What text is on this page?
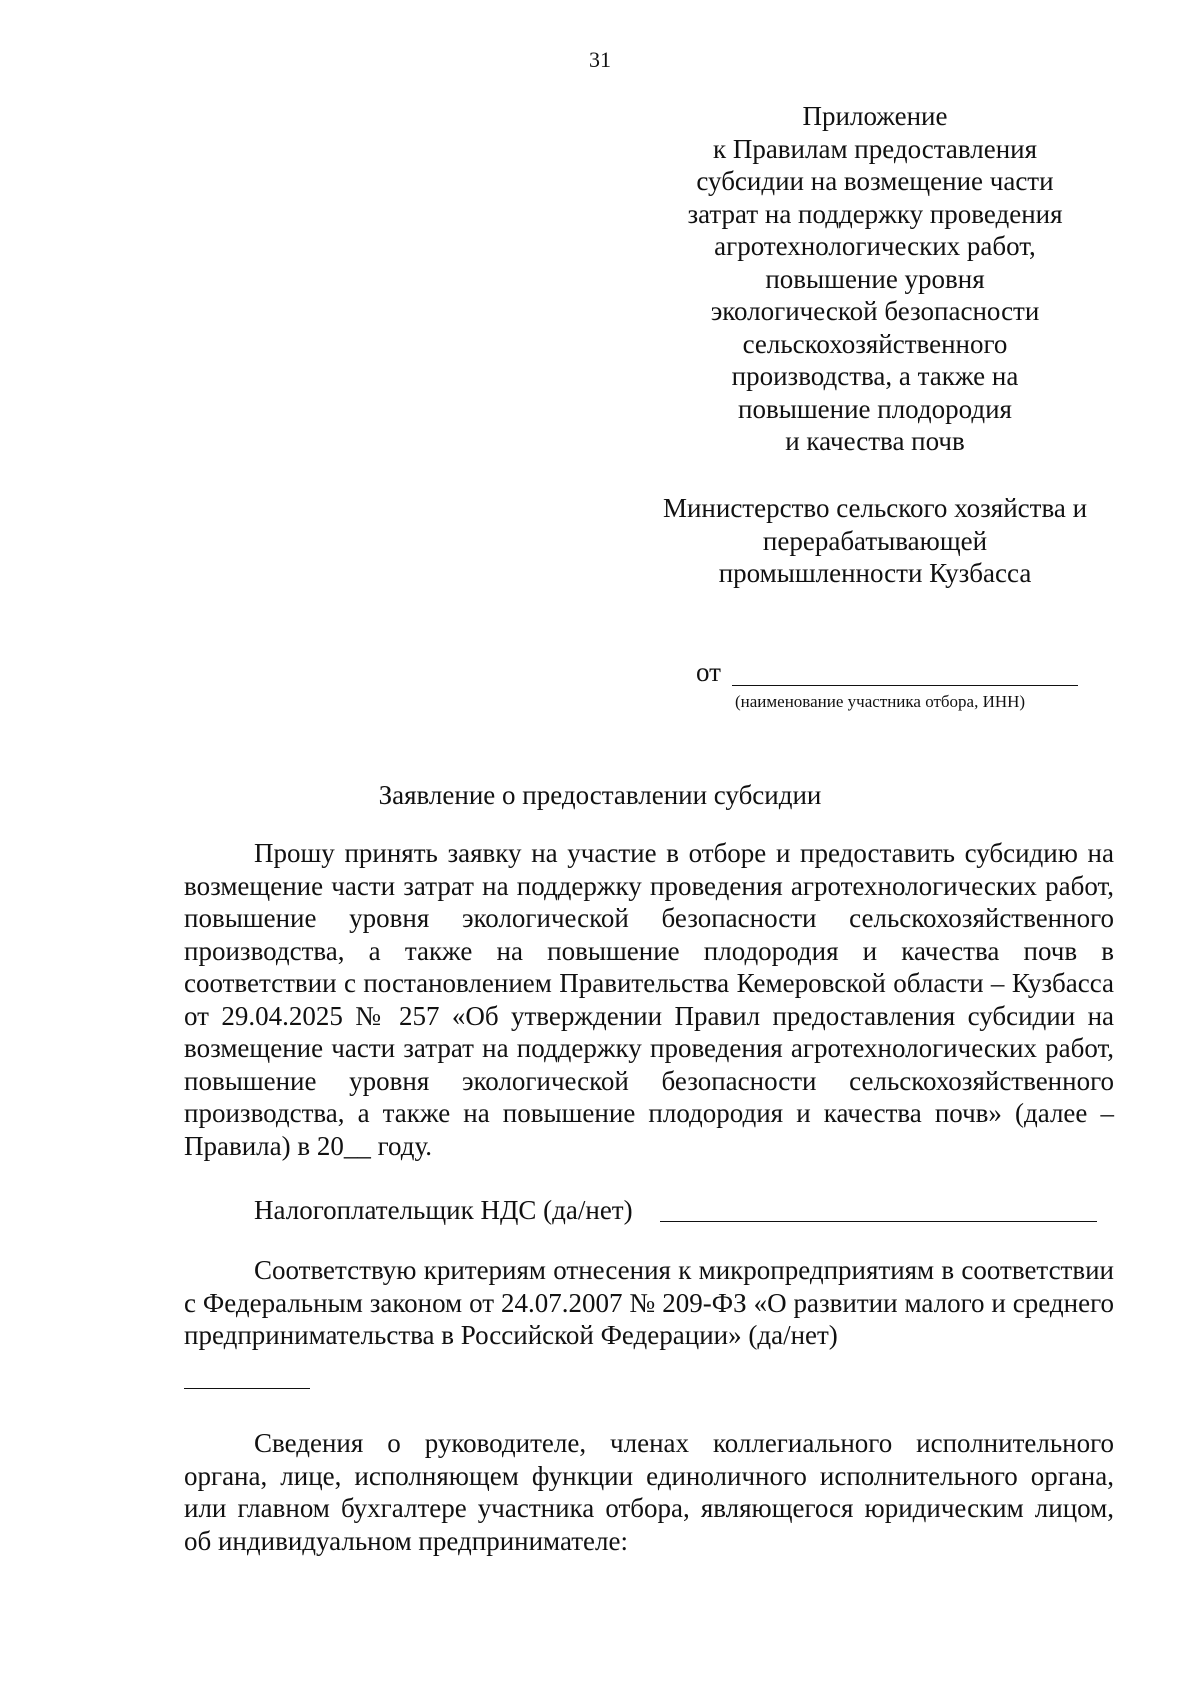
31
Приложение
к Правилам предоставления
субсидии на возмещение части
затрат на поддержку проведения
агротехнологических работ,
повышение уровня
экологической безопасности
сельскохозяйственного
производства, а также на
повышение плодородия
и качества почв
Министерство сельского хозяйства и
перерабатывающей
промышленности Кузбасса
от
(наименование участника отбора, ИНН)
Заявление о предоставлении субсидии
Прошу принять заявку на участие в отборе и предоставить субсидию на возмещение части затрат на поддержку проведения агротехнологических работ, повышение уровня экологической безопасности сельскохозяйственного производства, а также на повышение плодородия и качества почв в соответствии с постановлением Правительства Кемеровской области – Кузбасса от 29.04.2025 № 257 «Об утверждении Правил предоставления субсидии на возмещение части затрат на поддержку проведения агротехнологических работ, повышение уровня экологической безопасности сельскохозяйственного производства, а также на повышение плодородия и качества почв» (далее – Правила) в 20__ году.
Налогоплательщик НДС (да/нет)
Соответствую критериям отнесения к микропредприятиям в соответствии с Федеральным законом от 24.07.2007 № 209-ФЗ «О развитии малого и среднего предпринимательства в Российской Федерации» (да/нет)
Сведения о руководителе, членах коллегиального исполнительного органа, лице, исполняющем функции единоличного исполнительного органа, или главном бухгалтере участника отбора, являющегося юридическим лицом, об индивидуальном предпринимателе:
